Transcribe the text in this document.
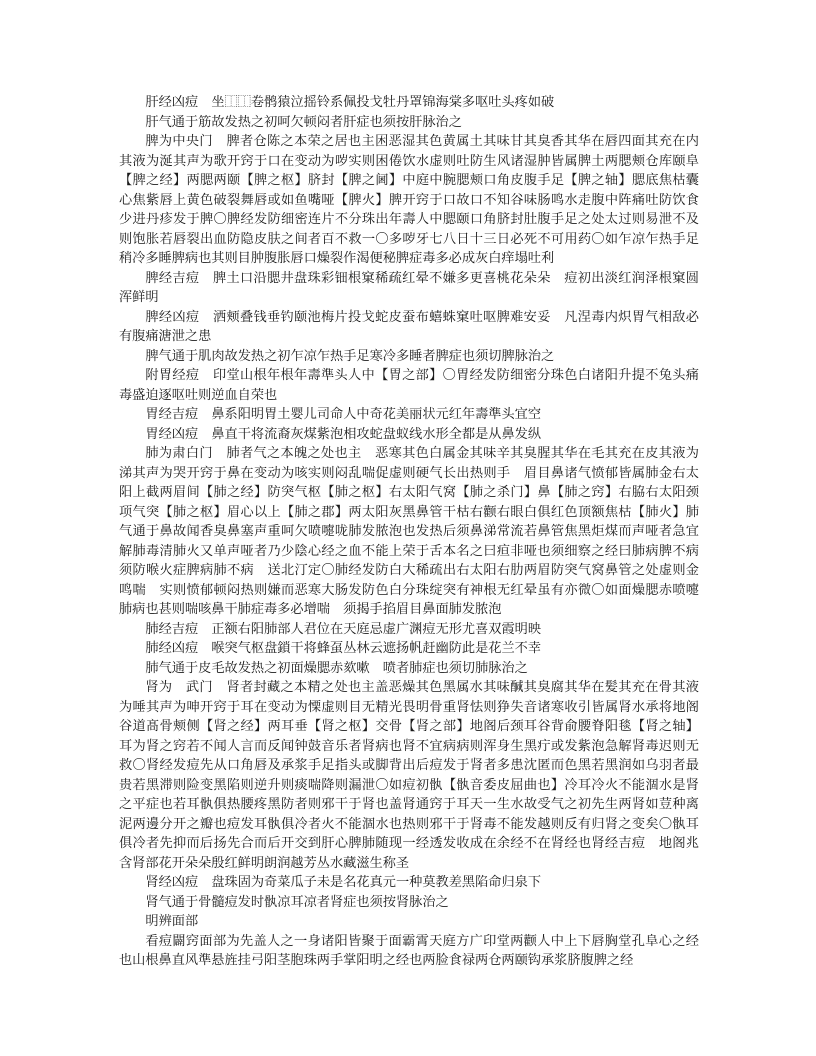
肝经凶痘　坐⿰⿰卷鹘猿泣摇铃系佩投戈牡丹罩锦海棠多呕吐头疼如破

肝气通于筋故发热之初呵欠顿闷者肝症也须按肝脉治之

脾为中央门　脾者仓陈之本荣之居也主困恶湿其色黄属土其味甘其臭香其华在唇四面其充在内其液为涎其声为歌开窍于口在变动为哕实则困倦饮水虚则吐防生风诸湿肿皆属脾土两腮颊仓库颐阜【脾之经】两腮两颐【脾之枢】脐封【脾之阃】中庭中腕腮颊口角皮腹手足【脾之轴】腮底焦枯囊心焦紫唇上黄色破裂舞唇或如鱼嘴哑【脾火】脾开窍于口故口不知谷味肠鸣水走腹中阵痛吐防饮食少进丹疹发于脾〇脾经发防细密连片不分珠出年壽人中腮颐口角脐封肚腹手足之处太过则易泄不及则饱胀若唇裂出血防隐皮肤之间者百不救一〇多哕牙七八日十三日必死不可用药〇如乍凉乍热手足稍冷多睡脾病也其则目肿腹胀唇口燥裂作渴便秘脾症毒多必成灰白痒塌吐利

脾经吉痘　脾土口沿腮井盘珠彩钿根窠稀疏红晕不嫌多更喜桃花朵朵　痘初出淡红润泽根窠圆浑鲜明

脾经凶痘　洒颊叠钱垂钓颐池梅片投戈蛇皮蚕布蟢蛛窠吐呕脾难安妥　凡涅毒内炽胃气相敌必有腹痛溏泄之患

脾气通于肌肉故发热之初乍凉乍热手足寒冷多睡者脾症也须切脾脉治之

附胃经痘　印堂山根年根年壽準头人中【胃之部】〇胃经发防细密分珠色白诸阳升提不兔头痛毒盛迫逐呕吐则逆血自荣也

胃经吉痘　鼻系阳明胃土婴儿司命人中奇花美丽状元红年壽準头宜空

胃经凶痘　鼻直干将流裔灰煤紫泡相攻蛇盘蚁线水形全都是从鼻发纵

肺为肃白门　肺者气之本魄之处也主　恶寒其色白属金其味辛其臭腥其华在毛其充在皮其液为涕其声为哭开窍于鼻在变动为咳实则闷乱喘促虚则硬气长出热则手　眉目鼻诸气愤郁皆属肺金右太阳上截两眉间【肺之经】防突气枢【肺之枢】右太阳气窝【肺之杀门】鼻【肺之窍】右脇右太阳颈项气突【肺之枢】眉心以上【肺之郡】两太阳灰黑鼻管干枯右颧右眼白俱红色顶额焦枯【肺火】肺气通于鼻故闻香臭鼻塞声重呵欠喷嚏咙肺发脓泡也发热后须鼻涕常流若鼻管焦黑炬煤而声哑者急宜解肺毒清肺火又单声哑者乃少陰心经之血不能上荣于舌本名之曰疸非哑也须细察之经曰肺病脾不病须防喉火症脾病肺不病　送北汀定〇肺经发防白大稀疏出右太阳右肋两眉防突气窝鼻管之处虚则金鸣喘　实则愤郁顿闷热则嫌而恶寒大肠发防色白分珠绽突有神根无红晕虽有亦微〇如面燥腮赤喷嚏肺病也甚则喘咳鼻干肺症毒多必增喘　须揭手掐眉目鼻面肺发脓泡

肺经吉痘　正额右阳肺部人君位在天庭忌虚广渊痘无形尤喜双霞明映

肺经凶痘　喉突气枢盘鎖干将蜂虿丛林云遮扬帆赶幽防此是花兰不幸

肺气通于皮毛故发热之初面燥腮赤欬嗽　喷者肺症也须切肺脉治之

肾为　武门　肾者封藏之本精之处也主盖恶燥其色黑属水其味醎其臭腐其华在髪其充在骨其液为唾其声为呻开窍于耳在变动为慄虚则目无精光畏明骨重肾怯则狰失音诸寒收引皆属肾水承将地阁谷道髙骨颊侧【肾之经】两耳垂【肾之枢】交骨【肾之部】地阁后颈耳谷背俞腰脊阳毯【肾之轴】耳为肾之窍若不闻人言而反闻钟鼓音乐者肾病也肾不宜病病则浑身生黑疔或发紫泡急解肾毒迟则无救〇肾经发痘先从口角唇及承浆手足指头或脚背出后痘发于肾者多患沈匿而色黑若黑润如乌羽者最贵若黑滞则险变黑陷则逆升则痰喘降则漏泄〇如痘初骫【骫音委皮屈曲也】冷耳冷火不能涸水是肾之平症也若耳骫俱热腰疼黑防者则邪干于肾也盖肾通窍于耳天一生水故受气之初先生两肾如荳种离泥两邊分开之瓣也痘发耳骫俱冷者火不能涸水也热则邪干于肾毒不能发越则反有归肾之变矣〇骫耳俱冷者先抑而后扬先合而后开交到肝心脾肺随现一经透发收成在余经不在肾经也肾经吉痘　地阁兆含肾部花开朵朵殷红鲜明朗润越芳丛水藏滋生称圣

肾经凶痘　盘珠固为奇菜瓜子未是名花真元一种莫教差黑陷命归泉下

肾气通于骨髓痘发时骫凉耳凉者肾症也须按肾脉治之

明辨面部

看痘闢窍面部为先盖人之一身诸阳皆聚于面霸霄天庭方广印堂两颧人中上下唇胸堂孔阜心之经也山根鼻直风準悬旌挂弓阳茎胞珠两手掌阳明之经也两脸食禄两仓两颐钩承浆脐腹脾之经
